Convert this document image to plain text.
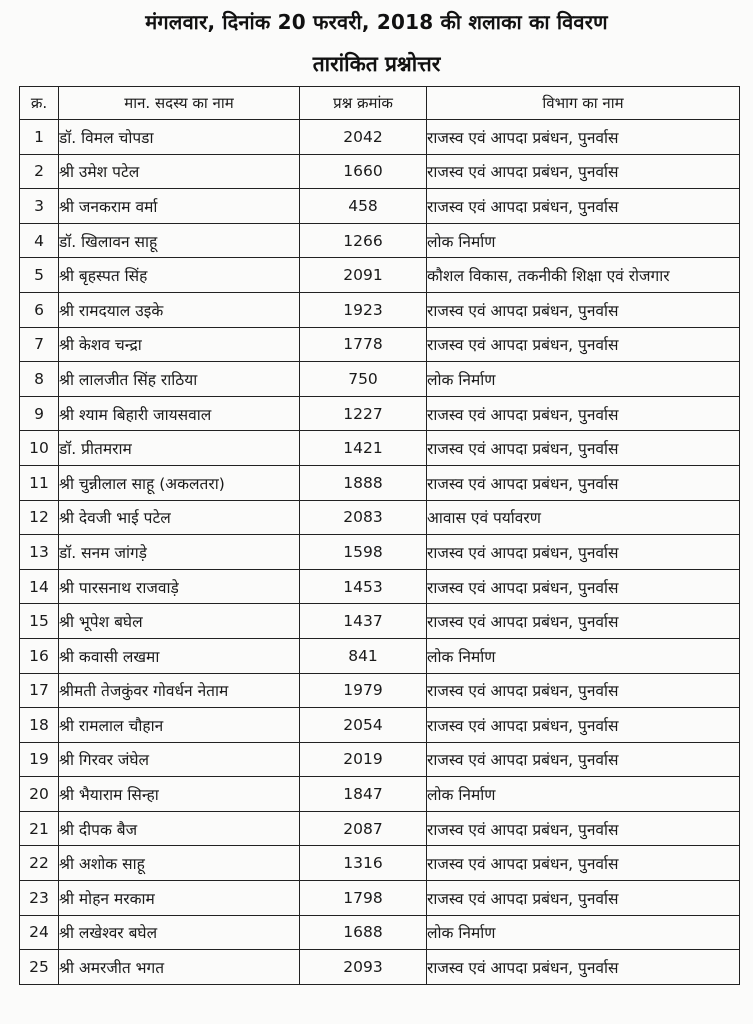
मंगलवार, दिनांक 20 फरवरी, 2018 की शलाका का विवरण
तारांकित प्रश्नोत्तर
क्र.	मान. सदस्य का नाम	प्रश्न क्रमांक	विभाग का नाम
1	डॉ. विमल चोपडा	2042	राजस्व एवं आपदा प्रबंधन, पुनर्वास
2	श्री उमेश पटेल	1660	राजस्व एवं आपदा प्रबंधन, पुनर्वास
3	श्री जनकराम वर्मा	458	राजस्व एवं आपदा प्रबंधन, पुनर्वास
4	डॉ. खिलावन साहू	1266	लोक निर्माण
5	श्री बृहस्पत सिंह	2091	कौशल विकास, तकनीकी शिक्षा एवं रोजगार
6	श्री रामदयाल उइके	1923	राजस्व एवं आपदा प्रबंधन, पुनर्वास
7	श्री केशव चन्द्रा	1778	राजस्व एवं आपदा प्रबंधन, पुनर्वास
8	श्री लालजीत सिंह राठिया	750	लोक निर्माण
9	श्री श्याम बिहारी जायसवाल	1227	राजस्व एवं आपदा प्रबंधन, पुनर्वास
10	डॉ. प्रीतमराम	1421	राजस्व एवं आपदा प्रबंधन, पुनर्वास
11	श्री चुन्नीलाल साहू (अकलतरा)	1888	राजस्व एवं आपदा प्रबंधन, पुनर्वास
12	श्री देवजी भाई पटेल	2083	आवास एवं पर्यावरण
13	डॉ. सनम जांगड़े	1598	राजस्व एवं आपदा प्रबंधन, पुनर्वास
14	श्री पारसनाथ राजवाड़े	1453	राजस्व एवं आपदा प्रबंधन, पुनर्वास
15	श्री भूपेश बघेल	1437	राजस्व एवं आपदा प्रबंधन, पुनर्वास
16	श्री कवासी लखमा	841	लोक निर्माण
17	श्रीमती तेजकुंवर गोवर्धन नेताम	1979	राजस्व एवं आपदा प्रबंधन, पुनर्वास
18	श्री रामलाल चौहान	2054	राजस्व एवं आपदा प्रबंधन, पुनर्वास
19	श्री गिरवर जंघेल	2019	राजस्व एवं आपदा प्रबंधन, पुनर्वास
20	श्री भैयाराम सिन्हा	1847	लोक निर्माण
21	श्री दीपक बैज	2087	राजस्व एवं आपदा प्रबंधन, पुनर्वास
22	श्री अशोक साहू	1316	राजस्व एवं आपदा प्रबंधन, पुनर्वास
23	श्री मोहन मरकाम	1798	राजस्व एवं आपदा प्रबंधन, पुनर्वास
24	श्री लखेश्वर बघेल	1688	लोक निर्माण
25	श्री अमरजीत भगत	2093	राजस्व एवं आपदा प्रबंधन, पुनर्वास
